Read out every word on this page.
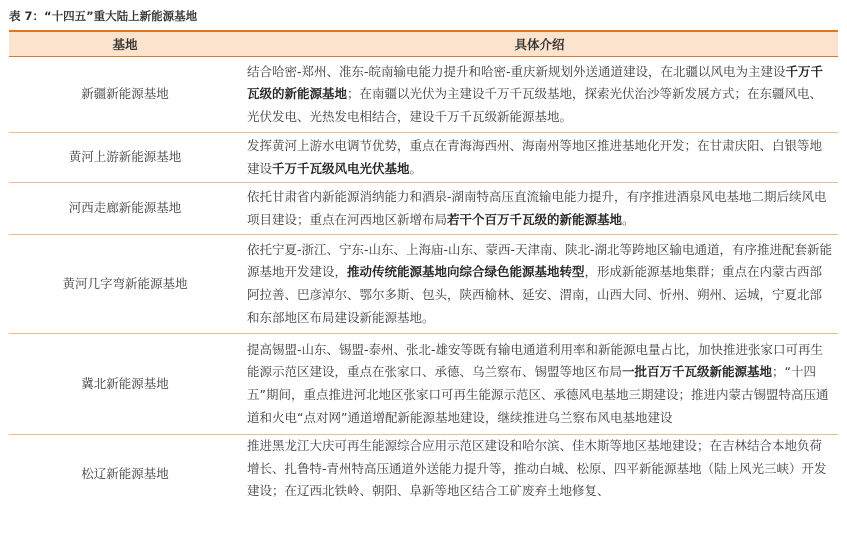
表 7：“十四五”重大陆上新能源基地
基地	具体介绍
新疆新能源基地	结合哈密-郑州、准东-皖南输电能力提升和哈密-重庆新规划外送通道建设，在北疆以风电为主建设千万千瓦级的新能源基地；在南疆以光伏为主建设千万千瓦级基地，探索光伏治沙等新发展方式；在东疆风电、光伏发电、光热发电相结合，建设千万千瓦级新能源基地。
黄河上游新能源基地	发挥黄河上游水电调节优势，重点在青海海西州、海南州等地区推进基地化开发；在甘肃庆阳、白银等地建设千万千瓦级风电光伏基地。
河西走廊新能源基地	依托甘肃省内新能源消纳能力和酒泉-湖南特高压直流输电能力提升，有序推进酒泉风电基地二期后续风电项目建设；重点在河西地区新增布局若干个百万千瓦级的新能源基地。
黄河几字弯新能源基地	依托宁夏-浙江、宁东-山东、上海庙-山东、蒙西-天津南、陕北-湖北等跨地区输电通道，有序推进配套新能源基地开发建设，推动传统能源基地向综合绿色能源基地转型，形成新能源基地集群；重点在内蒙古西部阿拉善、巴彦淖尔、鄂尔多斯、包头，陕西榆林、延安、渭南，山西大同、忻州、朔州、运城，宁夏北部和东部地区布局建设新能源基地。
冀北新能源基地	提高锡盟-山东、锡盟-泰州、张北-雄安等既有输电通道利用率和新能源电量占比，加快推进张家口可再生能源示范区建设，重点在张家口、承德、乌兰察布、锡盟等地区布局一批百万千瓦级新能源基地；“十四五”期间，重点推进河北地区张家口可再生能源示范区、承德风电基地三期建设；推进内蒙古锡盟特高压通道和火电“点对网”通道增配新能源基地建设，继续推进乌兰察布风电基地建设
松辽新能源基地	推进黑龙江大庆可再生能源综合应用示范区建设和哈尔滨、佳木斯等地区基地建设；在吉林结合本地负荷增长、扎鲁特-青州特高压通道外送能力提升等，推动白城、松原、四平新能源基地（陆上风光三峡）开发建设；在辽西北铁岭、朝阳、阜新等地区结合工矿废弃土地修复、
